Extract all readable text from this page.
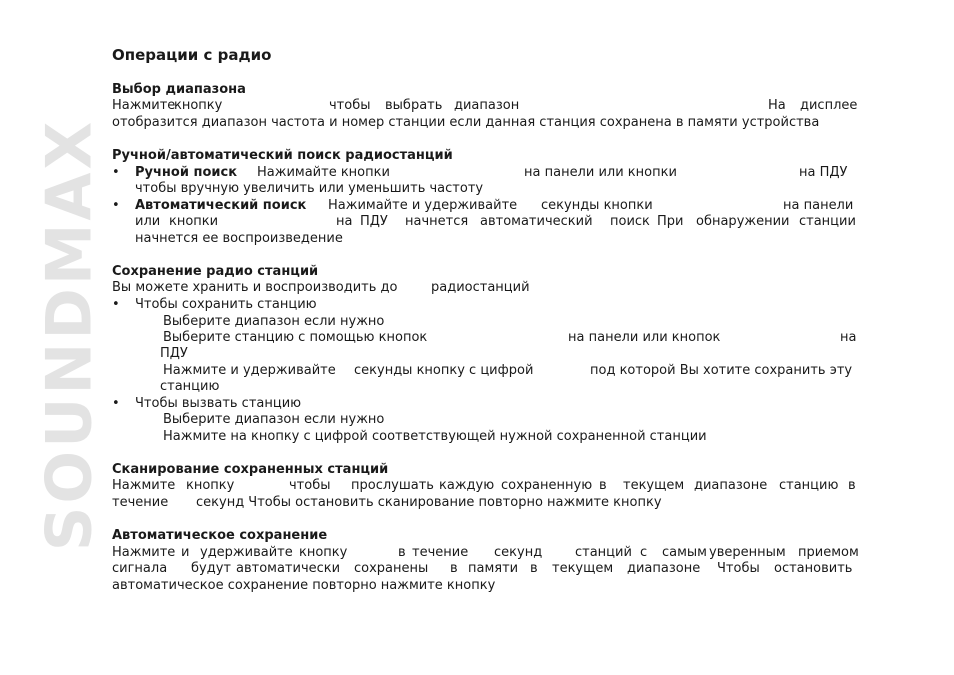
SOUNDMAX
Операции с радио
Выбор диапазона
Нажмите
кнопку	чтобы выбрать диапазон	На дисплее
отобразится диапазон частота и номер станции если данная станция сохранена в памяти устройства
Ручной/автоматический поиск радиостанций
• Ручной поиск Нажимайте кнопки	на панели или кнопки	на ПДУ
чтобы вручную увеличить или уменьшить частоту
• Автоматический поиск Нажимайте и удерживайте секунды кнопки	на панели
или кнопки	на ПДУ начнется автоматический поиск При обнаружении станции
начнется ее воспроизведение
Сохранение радио станций
Вы можете хранить и воспроизводить до	радиостанций
• Чтобы сохранить станцию
Выберите диапазон если нужно
Выберите станцию с помощью кнопок	на панели или кнопок	на
ПДУ
Нажмите и удерживайте секунды кнопку с цифрой	под которой Вы хотите сохранить эту
станцию
• Чтобы вызвать станцию
Выберите диапазон если нужно
Нажмите на кнопку с цифрой соответствующей нужной сохраненной станции
Сканирование сохраненных станций
Нажмите кнопку	чтобы прослушать каждую сохраненную в текущем диапазоне станцию в
течение секунд Чтобы остановить сканирование повторно нажмите кнопку
Автоматическое сохранение
Нажмите и удерживайте кнопку	в течение секунд	станций с самым уверенным приемом
сигнала будут автоматически сохранены в памяти в текущем диапазоне Чтобы остановить
автоматическое сохранение повторно нажмите кнопку
